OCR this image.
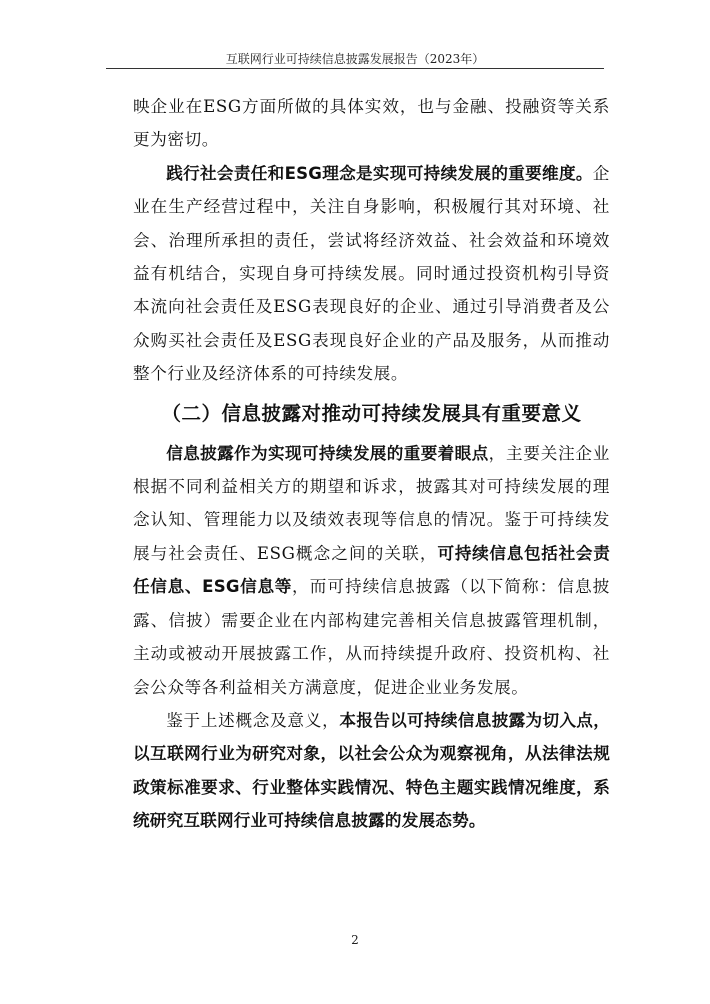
互联网行业可持续信息披露发展报告（2023年）

映企业在ESG方面所做的具体实效，也与金融、投融资等关系更为密切。

践行社会责任和ESG理念是实现可持续发展的重要维度。企业在生产经营过程中，关注自身影响，积极履行其对环境、社会、治理所承担的责任，尝试将经济效益、社会效益和环境效益有机结合，实现自身可持续发展。同时通过投资机构引导资本流向社会责任及ESG表现良好的企业、通过引导消费者及公众购买社会责任及ESG表现良好企业的产品及服务，从而推动整个行业及经济体系的可持续发展。

（二）信息披露对推动可持续发展具有重要意义

信息披露作为实现可持续发展的重要着眼点，主要关注企业根据不同利益相关方的期望和诉求，披露其对可持续发展的理念认知、管理能力以及绩效表现等信息的情况。鉴于可持续发展与社会责任、ESG概念之间的关联，可持续信息包括社会责任信息、ESG信息等，而可持续信息披露（以下简称：信息披露、信披）需要企业在内部构建完善相关信息披露管理机制，主动或被动开展披露工作，从而持续提升政府、投资机构、社会公众等各利益相关方满意度，促进企业业务发展。

鉴于上述概念及意义，本报告以可持续信息披露为切入点，以互联网行业为研究对象，以社会公众为观察视角，从法律法规政策标准要求、行业整体实践情况、特色主题实践情况维度，系统研究互联网行业可持续信息披露的发展态势。

2
